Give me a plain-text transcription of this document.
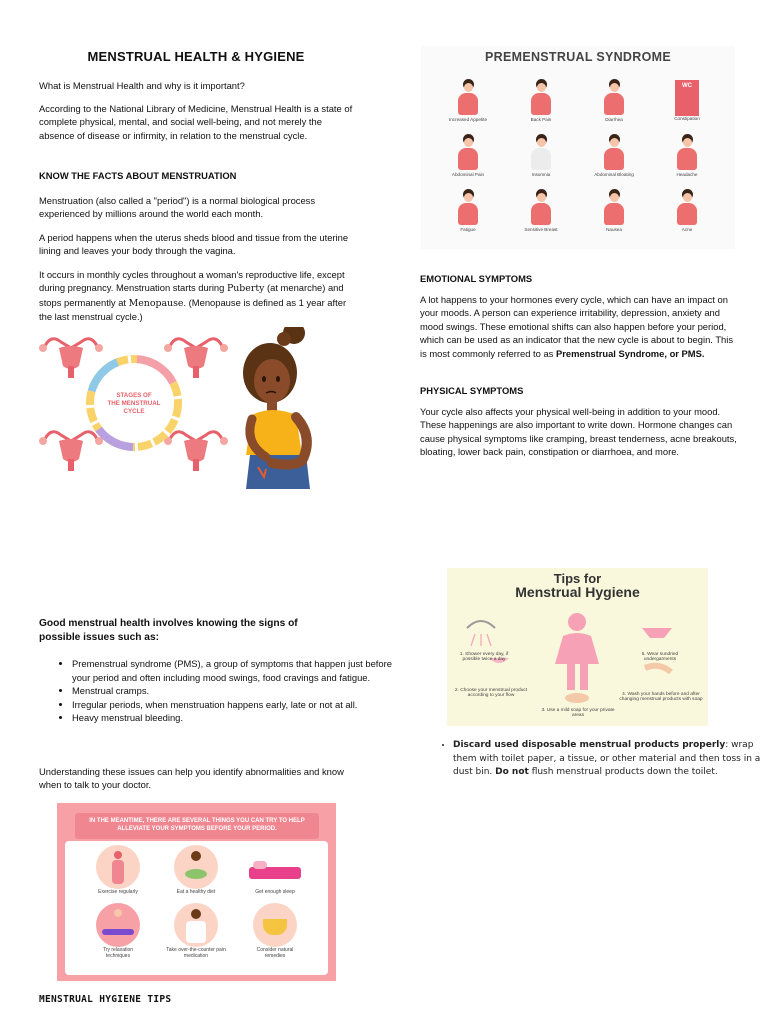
MENSTRUAL HEALTH & HYGIENE

What is Menstrual Health and why is it important?

According to the National Library of Medicine, Menstrual Health is a state of complete physical, mental, and social well-being, and not merely the absence of disease or infirmity, in relation to the menstrual cycle.

KNOW THE FACTS ABOUT MENSTRUATION

Menstruation (also called a "period") is a normal biological process experienced by millions around the world each month.

A period happens when the uterus sheds blood and tissue from the uterine lining and leaves your body through the vagina.

It occurs in monthly cycles throughout a woman's reproductive life, except during pregnancy. Menstruation starts during Puberty (at menarche) and stops permanently at Menopause. (Menopause is defined as 1 year after the last menstrual cycle.)

STAGES OF
THE MENSTRUAL
CYCLE

Good menstrual health involves knowing the signs of possible issues such as:

• Premenstrual syndrome (PMS), a group of symptoms that happen just before your period and often including mood swings, food cravings and fatigue.
• Menstrual cramps.
• Irregular periods, when menstruation happens early, late or not at all.
• Heavy menstrual bleeding.

Understanding these issues can help you identify abnormalities and know when to talk to your doctor.

IN THE MEANTIME, THERE ARE SEVERAL THINGS YOU CAN TRY TO HELP ALLEVIATE YOUR SYMPTOMS BEFORE YOUR PERIOD.
Exercise regularly	Eat a healthy diet	Get enough sleep
Try relaxation techniques
Take over-the-counter pain medication
Consider natural remedies
MENSTRUAL HYGIENE TIPS
PREMENSTRUAL SYNDROME
Increased Appetite	Back Pain	Diarrhea
WC
Constipation
Abdominal Pain	Insomnia	Abdominal Bloating	Headache
Fatigue	Sensitive Breast	Nausea	Acne

EMOTIONAL SYMPTOMS

A lot happens to your hormones every cycle, which can have an impact on your moods. A person can experience irritability, depression, anxiety and mood swings. These emotional shifts can also happen before your period, which can be used as an indicator that the new cycle is about to begin. This is most commonly referred to as Premenstrual Syndrome, or PMS.

PHYSICAL SYMPTOMS

Your cycle also affects your physical well-being in addition to your mood. These happenings are also important to write down. Hormone changes can cause physical symptoms like cramping, breast tenderness, acne breakouts, bloating, lower back pain, constipation or diarrhoea, and more.

Tips for
Menstrual Hygiene
1. Shower every day, if possible twice a day
2. Choose your menstrual product according to your flow
3. Use a mild soap for your private areas
4. Wash your hands before and after changing menstrual products with soap
5. Wear sundried undergarments
• Discard used disposable menstrual products properly: wrap them with toilet paper, a tissue, or other material and then toss in a dust bin. Do not flush menstrual products down the toilet.
